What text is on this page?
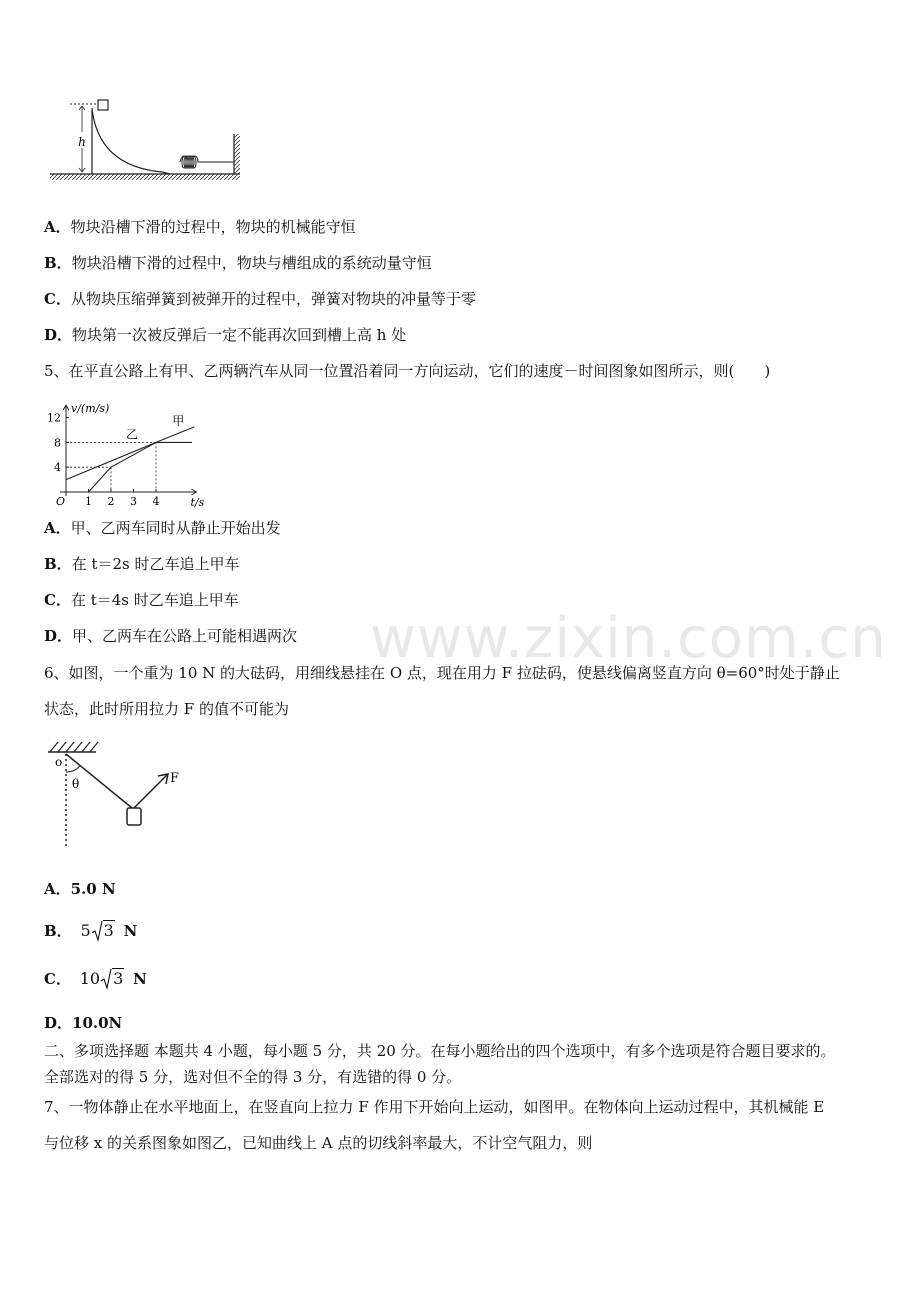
h
A．物块沿槽下滑的过程中，物块的机械能守恒
B．物块沿槽下滑的过程中，物块与槽组成的系统动量守恒
C．从物块压缩弹簧到被弹开的过程中，弹簧对物块的冲量等于零
D．物块第一次被反弹后一定不能再次回到槽上高 h 处
5、在平直公路上有甲、乙两辆汽车从同一位置沿着同一方向运动，它们的速度－时间图象如图所示，则(　　)
1 2 3 4
4
8
12
O	t/s
v/(m/s)
甲
乙
A．甲、乙两车同时从静止开始出发
B．在 t＝2s 时乙车追上甲车
C．在 t＝4s 时乙车追上甲车
D．甲、乙两车在公路上可能相遇两次 www.zixin.com.cn
6、如图，一个重为 10 N 的大砝码，用细线悬挂在 O 点，现在用力 F 拉砝码，使悬线偏离竖直方向 θ=60°时处于静止
状态，此时所用拉力 F 的值不可能为
o
θ	F
A．5.0 N
B． 5 3 N
C． 10 3 N
D．10.0N
二、多项选择题 本题共 4 小题，每小题 5 分，共 20 分。在每小题给出的四个选项中，有多个选项是符合题目要求的。
全部选对的得 5 分，选对但不全的得 3 分，有选错的得 0 分。
7、一物体静止在水平地面上，在竖直向上拉力 F 作用下开始向上运动，如图甲。在物体向上运动过程中，其机械能 E
与位移 x 的关系图象如图乙，已知曲线上 A 点的切线斜率最大，不计空气阻力，则
